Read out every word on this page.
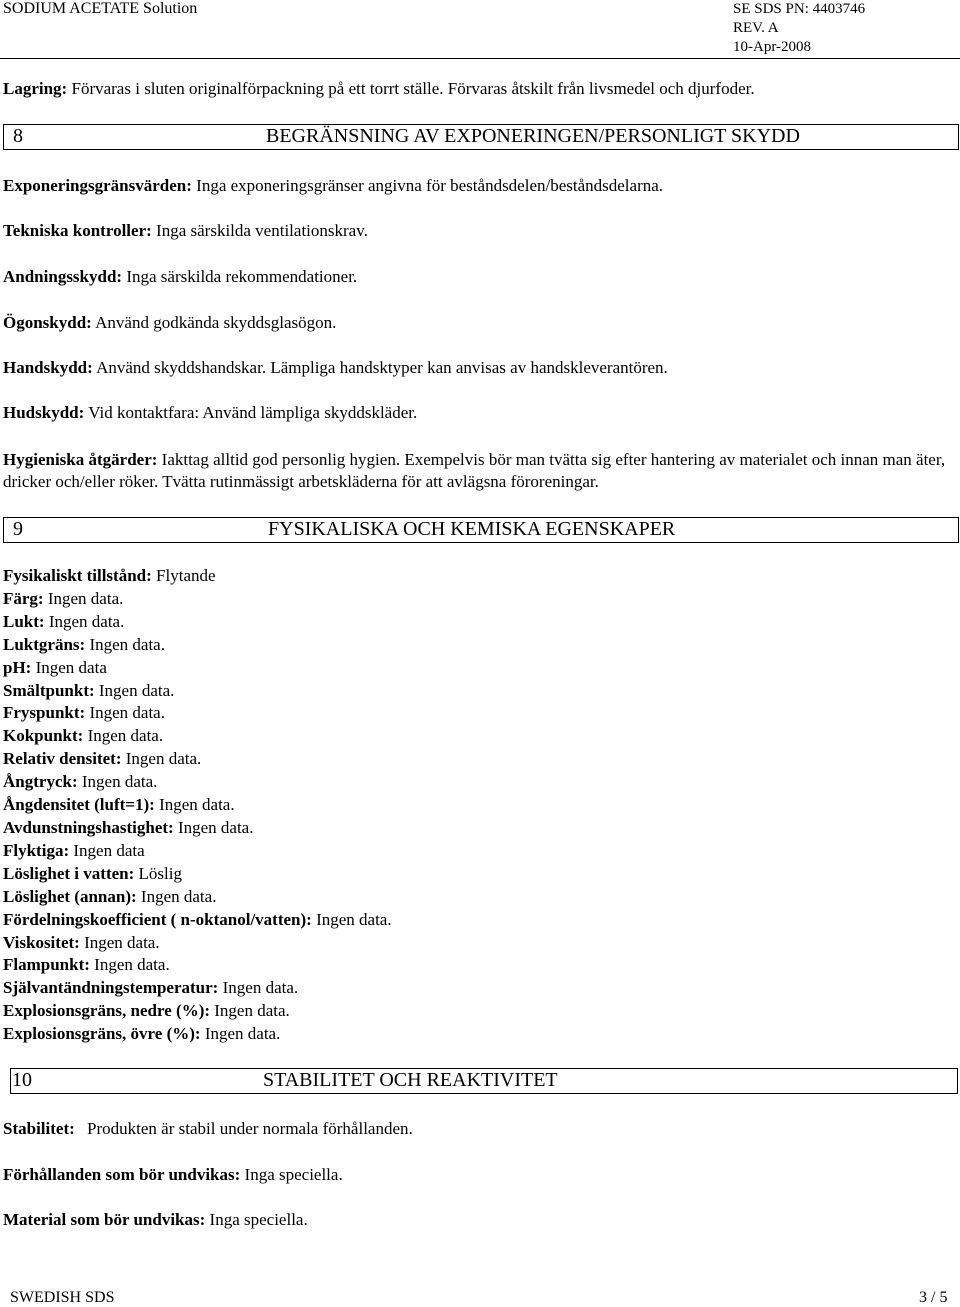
SODIUM ACETATE Solution	SE SDS PN: 4403746
REV. A
10-Apr-2008
Lagring: Förvaras i sluten originalförpackning på ett torrt ställe. Förvaras åtskilt från livsmedel och djurfoder.
8	BEGRÄNSNING AV EXPONERINGEN/PERSONLIGT SKYDD
Exponeringsgränsvärden: Inga exponeringsgränser angivna för beståndsdelen/beståndsdelarna.
Tekniska kontroller: Inga särskilda ventilationskrav.
Andningsskydd: Inga särskilda rekommendationer.
Ögonskydd: Använd godkända skyddsglasögon.
Handskydd: Använd skyddshandskar. Lämpliga handsktyper kan anvisas av handskleverantören.
Hudskydd: Vid kontaktfara: Använd lämpliga skyddskläder.
Hygieniska åtgärder: Iakttag alltid god personlig hygien. Exempelvis bör man tvätta sig efter hantering av materialet och innan man äter, dricker och/eller röker. Tvätta rutinmässigt arbetskläderna för att avlägsna föroreningar.
9	FYSIKALISKA OCH KEMISKA EGENSKAPER
Fysikaliskt tillstånd: Flytande
Färg: Ingen data.
Lukt: Ingen data.
Luktgräns: Ingen data.
pH: Ingen data
Smältpunkt: Ingen data.
Fryspunkt: Ingen data.
Kokpunkt: Ingen data.
Relativ densitet: Ingen data.
Ångtryck: Ingen data.
Ångdensitet (luft=1): Ingen data.
Avdunstningshastighet: Ingen data.
Flyktiga: Ingen data
Löslighet i vatten: Löslig
Löslighet (annan): Ingen data.
Fördelningskoefficient ( n-oktanol/vatten): Ingen data.
Viskositet: Ingen data.
Flampunkt: Ingen data.
Självantändningstemperatur: Ingen data.
Explosionsgräns, nedre (%): Ingen data.
Explosionsgräns, övre (%): Ingen data.
10	STABILITET OCH REAKTIVITET
Stabilitet: Produkten är stabil under normala förhållanden.
Förhållanden som bör undvikas: Inga speciella.
Material som bör undvikas: Inga speciella.
SWEDISH SDS	3 / 5
